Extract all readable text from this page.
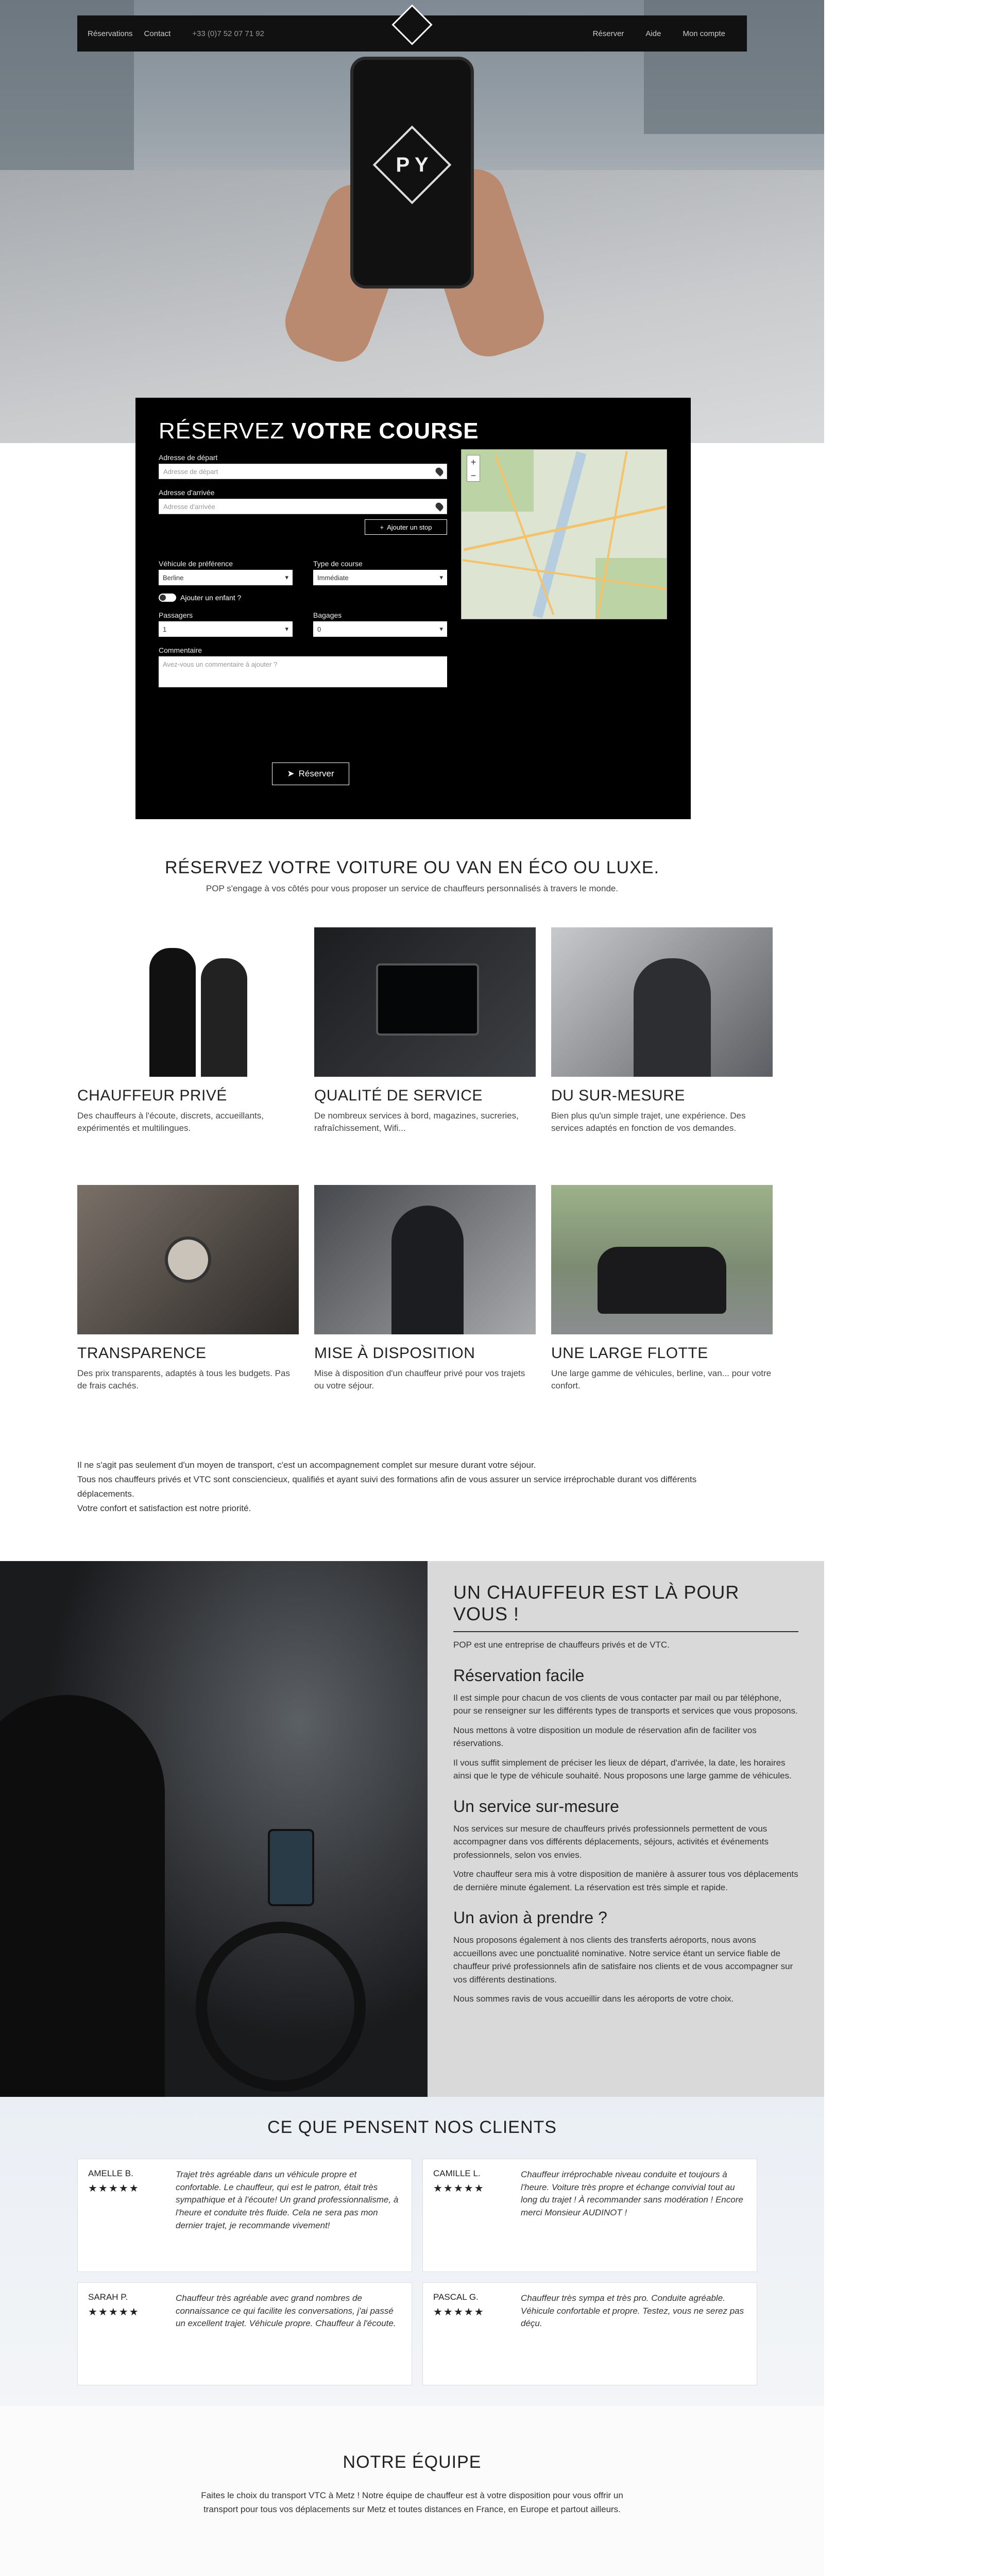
P Y
Réservations Contact	+33 (0)7 52 07 71 92	Réserver	Aide	Mon compte
RÉSERVEZ VOTRE COURSE
Adresse de départ
Adresse de départ
Adresse d'arrivée
Adresse d'arrivée
+ Ajouter un stop
Véhicule de préférence
Berline	▾
Type de course
Immédiate	▾
Ajouter un enfant ?
Passagers
1	▾
Bagages
0	▾
Commentaire
Avez-vous un commentaire à ajouter ?
+
−
➤ Réserver
RÉSERVEZ VOTRE VOITURE OU VAN EN ÉCO OU LUXE.
POP s'engage à vos côtés pour vous proposer un service de chauffeurs personnalisés à travers le monde.
CHAUFFEUR PRIVÉ

Des chauffeurs à l'écoute, discrets, accueillants, expérimentés et multilingues.

QUALITÉ DE SERVICE

De nombreux services à bord, magazines, sucreries, rafraîchissement, Wifi...

DU SUR-MESURE

Bien plus qu'un simple trajet, une expérience. Des services adaptés en fonction de vos demandes.

TRANSPARENCE

Des prix transparents, adaptés à tous les budgets. Pas de frais cachés.

MISE À DISPOSITION

Mise à disposition d'un chauffeur privé pour vos trajets ou votre séjour.

UNE LARGE FLOTTE

Une large gamme de véhicules, berline, van... pour votre confort.

Il ne s'agit pas seulement d'un moyen de transport, c'est un accompagnement complet sur mesure durant votre séjour.
Tous nos chauffeurs privés et VTC sont consciencieux, qualifiés et ayant suivi des formations afin de vous assurer un service irréprochable durant vos différents déplacements.
Votre confort et satisfaction est notre priorité.
UN CHAUFFEUR EST LÀ POUR VOUS !

POP est une entreprise de chauffeurs privés et de VTC.

Réservation facile

Il est simple pour chacun de vos clients de vous contacter par mail ou par téléphone, pour se renseigner sur les différents types de transports et services que vous proposons.

Nous mettons à votre disposition un module de réservation afin de faciliter vos réservations.

Il vous suffit simplement de préciser les lieux de départ, d'arrivée, la date, les horaires ainsi que le type de véhicule souhaité. Nous proposons une large gamme de véhicules.

Un service sur-mesure

Nos services sur mesure de chauffeurs privés professionnels permettent de vous accompagner dans vos différents déplacements, séjours, activités et événements professionnels, selon vos envies.

Votre chauffeur sera mis à votre disposition de manière à assurer tous vos déplacements de dernière minute également. La réservation est très simple et rapide.

Un avion à prendre ?

Nous proposons également à nos clients des transferts aéroports, nous avons accueillons avec une ponctualité nominative. Notre service étant un service fiable de chauffeur privé professionnels afin de satisfaire nos clients et de vous accompagner sur vos différents destinations.

Nous sommes ravis de vous accueillir dans les aéroports de votre choix.

CE QUE PENSENT NOS CLIENTS
AMELLE B.
★★★★★
Trajet très agréable dans un véhicule propre et confortable. Le chauffeur, qui est le patron, était très sympathique et à l'écoute! Un grand professionnalisme, à l'heure et conduite très fluide. Cela ne sera pas mon dernier trajet, je recommande vivement!
CAMILLE L.
★★★★★
Chauffeur irréprochable niveau conduite et toujours à l'heure. Voiture très propre et échange convivial tout au long du trajet ! À recommander sans modération ! Encore merci Monsieur AUDINOT !
SARAH P.
★★★★★
Chauffeur très agréable avec grand nombres de connaissance ce qui facilite les conversations, j'ai passé un excellent trajet. Véhicule propre. Chauffeur à l'écoute.
PASCAL G.
★★★★★
Chauffeur très sympa et très pro. Conduite agréable. Véhicule confortable et propre. Testez, vous ne serez pas déçu.
NOTRE ÉQUIPE

Faites le choix du transport VTC à Metz ! Notre équipe de chauffeur est à votre disposition pour vous offrir un transport pour tous vos déplacements sur Metz et toutes distances en France, en Europe et partout ailleurs.
